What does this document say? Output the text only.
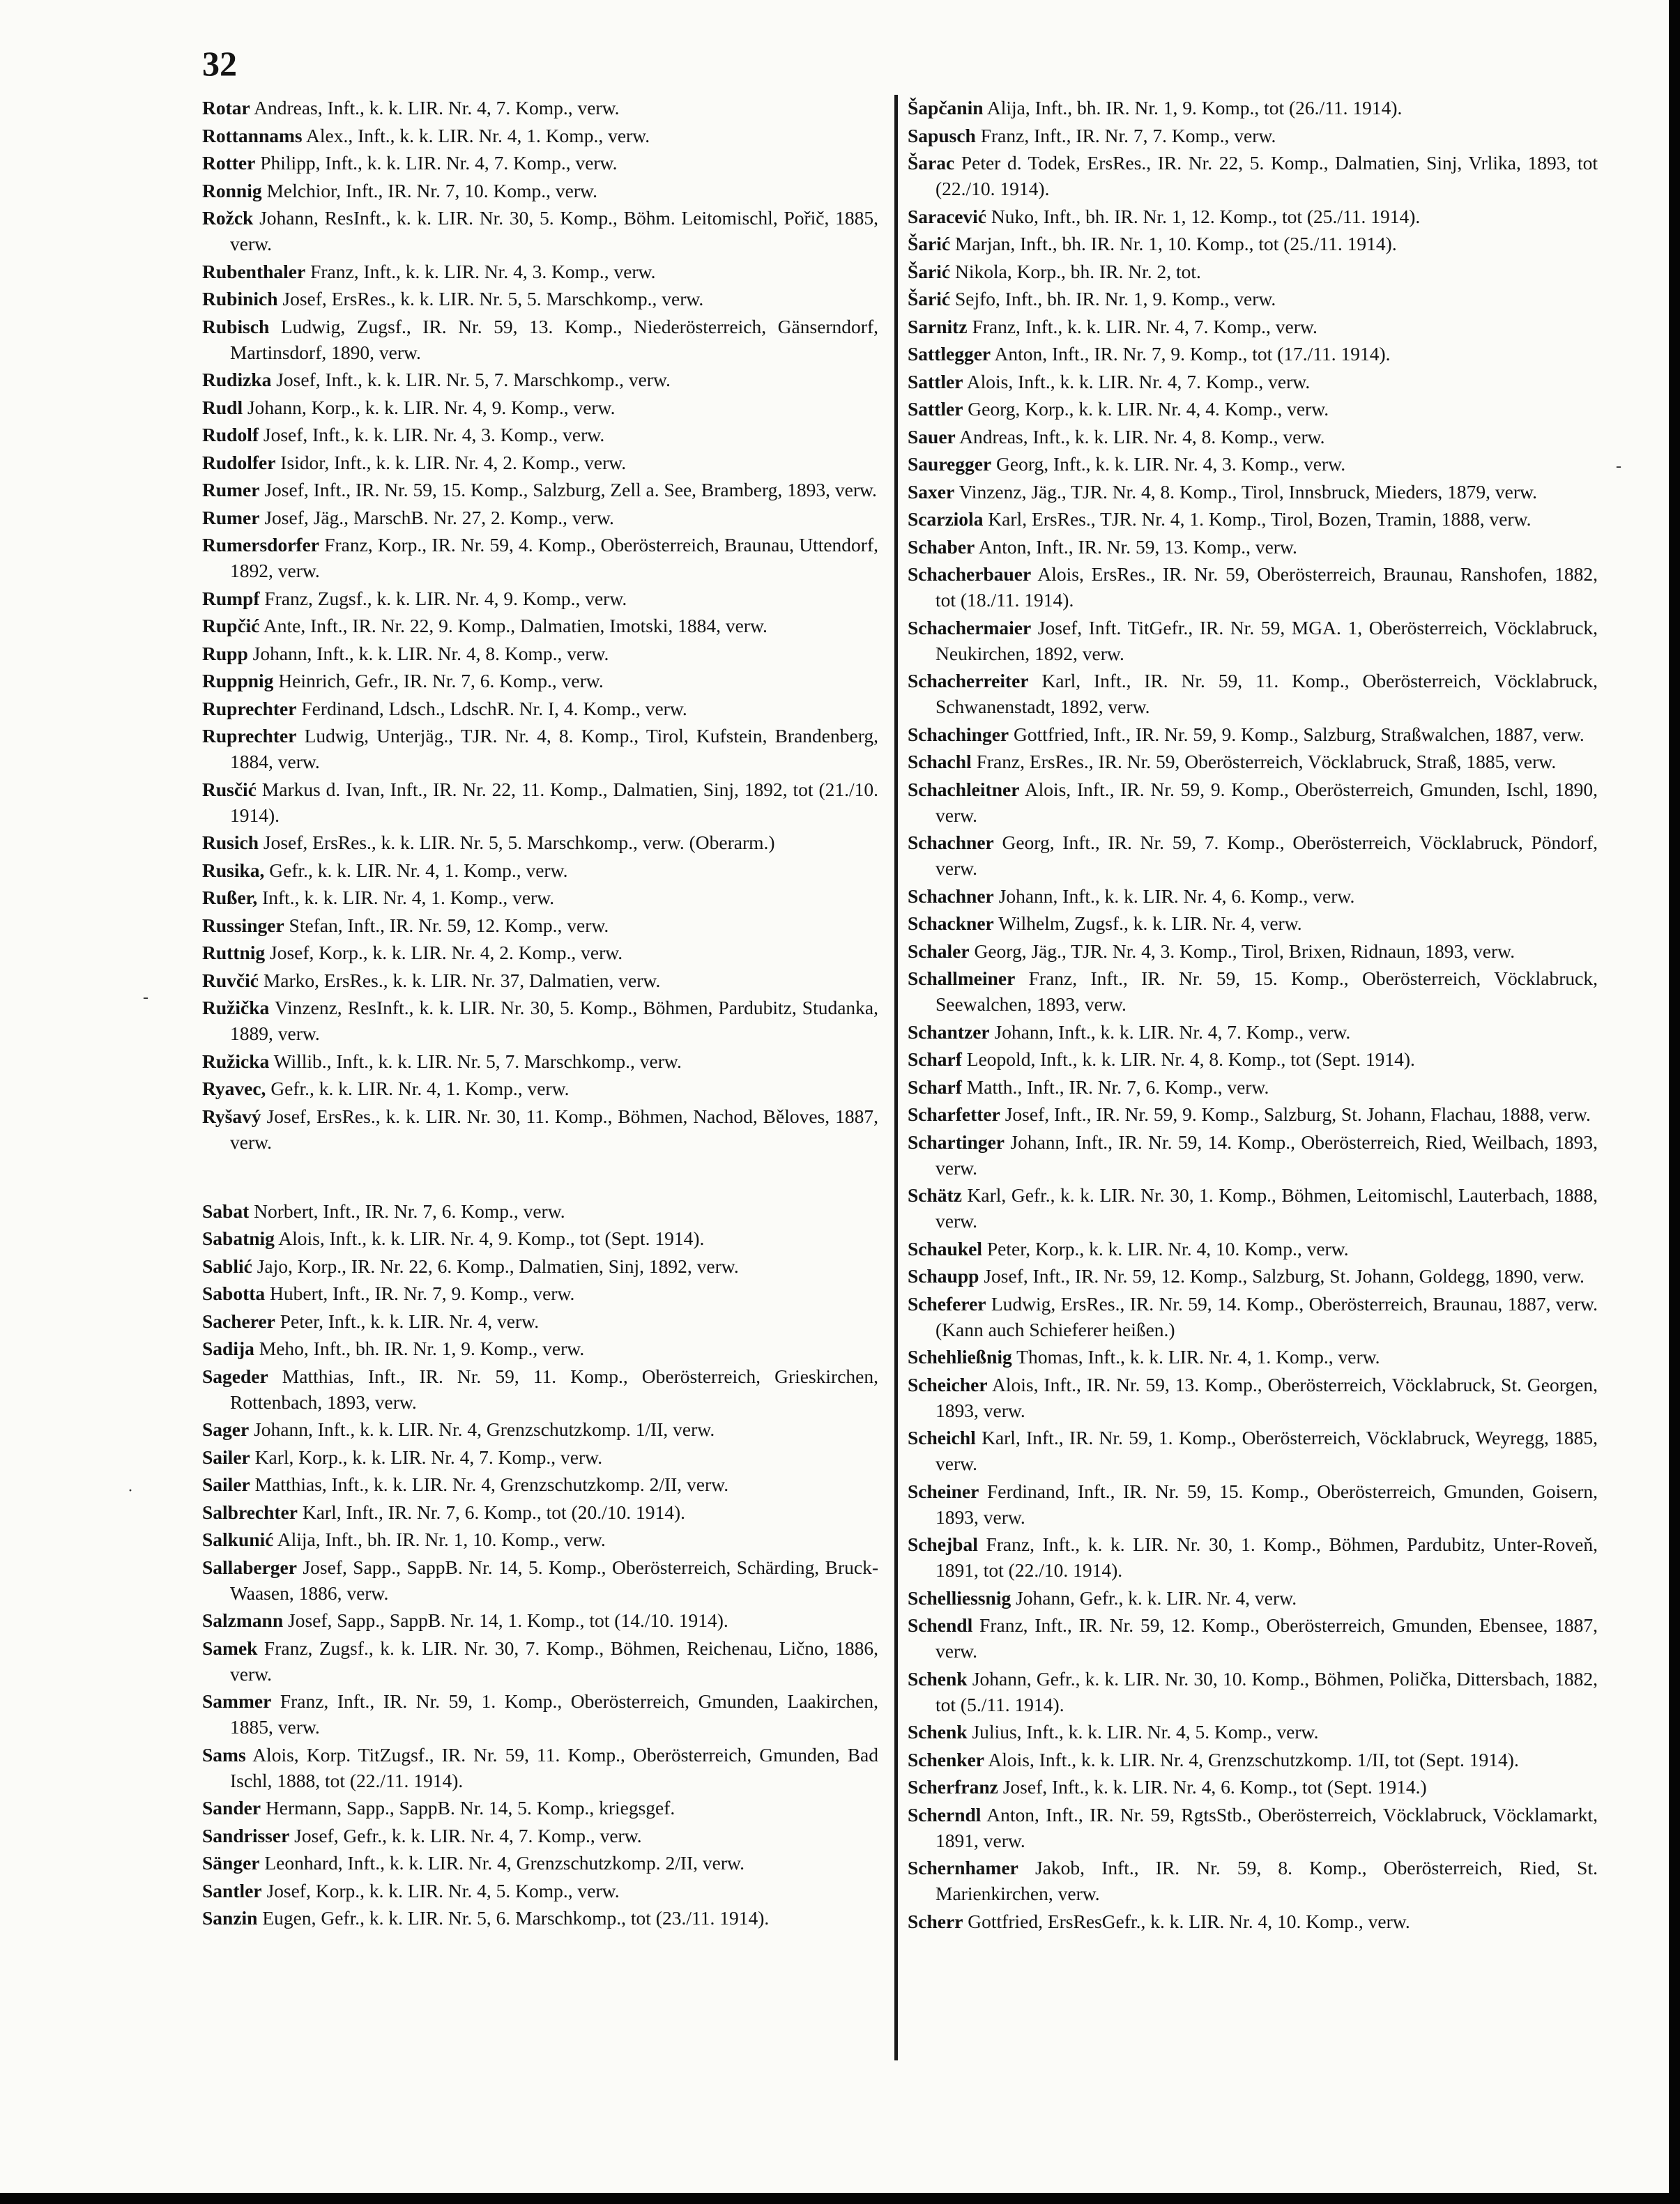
32
-
·
-
Rotar Andreas, Inft., k. k. LIR. Nr. 4, 7. Komp., verw.
Rottannams Alex., Inft., k. k. LIR. Nr. 4, 1. Komp., verw.
Rotter Philipp, Inft., k. k. LIR. Nr. 4, 7. Komp., verw.
Ronnig Melchior, Inft., IR. Nr. 7, 10. Komp., verw.
Rožck Johann, ResInft., k. k. LIR. Nr. 30, 5. Komp., Böhm. Leitomischl, Pořič, 1885, verw.
Rubenthaler Franz, Inft., k. k. LIR. Nr. 4, 3. Komp., verw.
Rubinich Josef, ErsRes., k. k. LIR. Nr. 5, 5. Marschkomp., verw.
Rubisch Ludwig, Zugsf., IR. Nr. 59, 13. Komp., Niederösterreich, Gänserndorf, Martinsdorf, 1890, verw.
Rudizka Josef, Inft., k. k. LIR. Nr. 5, 7. Marschkomp., verw.
Rudl Johann, Korp., k. k. LIR. Nr. 4, 9. Komp., verw.
Rudolf Josef, Inft., k. k. LIR. Nr. 4, 3. Komp., verw.
Rudolfer Isidor, Inft., k. k. LIR. Nr. 4, 2. Komp., verw.
Rumer Josef, Inft., IR. Nr. 59, 15. Komp., Salzburg, Zell a. See, Bramberg, 1893, verw.
Rumer Josef, Jäg., MarschB. Nr. 27, 2. Komp., verw.
Rumersdorfer Franz, Korp., IR. Nr. 59, 4. Komp., Oberösterreich, Braunau, Uttendorf, 1892, verw.
Rumpf Franz, Zugsf., k. k. LIR. Nr. 4, 9. Komp., verw.
Rupčić Ante, Inft., IR. Nr. 22, 9. Komp., Dalmatien, Imotski, 1884, verw.
Rupp Johann, Inft., k. k. LIR. Nr. 4, 8. Komp., verw.
Ruppnig Heinrich, Gefr., IR. Nr. 7, 6. Komp., verw.
Ruprechter Ferdinand, Ldsch., LdschR. Nr. I, 4. Komp., verw.
Ruprechter Ludwig, Unterjäg., TJR. Nr. 4, 8. Komp., Tirol, Kufstein, Brandenberg, 1884, verw.
Rusčić Markus d. Ivan, Inft., IR. Nr. 22, 11. Komp., Dalmatien, Sinj, 1892, tot (21./10. 1914).
Rusich Josef, ErsRes., k. k. LIR. Nr. 5, 5. Marschkomp., verw. (Oberarm.)
Rusika, Gefr., k. k. LIR. Nr. 4, 1. Komp., verw.
Rußer, Inft., k. k. LIR. Nr. 4, 1. Komp., verw.
Russinger Stefan, Inft., IR. Nr. 59, 12. Komp., verw.
Ruttnig Josef, Korp., k. k. LIR. Nr. 4, 2. Komp., verw.
Ruvčić Marko, ErsRes., k. k. LIR. Nr. 37, Dalmatien, verw.
Ružička Vinzenz, ResInft., k. k. LIR. Nr. 30, 5. Komp., Böhmen, Pardubitz, Studanka, 1889, verw.
Ružicka Willib., Inft., k. k. LIR. Nr. 5, 7. Marschkomp., verw.
Ryavec, Gefr., k. k. LIR. Nr. 4, 1. Komp., verw.
Ryšavý Josef, ErsRes., k. k. LIR. Nr. 30, 11. Komp., Böhmen, Nachod, Běloves, 1887, verw.
Sabat Norbert, Inft., IR. Nr. 7, 6. Komp., verw.
Sabatnig Alois, Inft., k. k. LIR. Nr. 4, 9. Komp., tot (Sept. 1914).
Sablić Jajo, Korp., IR. Nr. 22, 6. Komp., Dalmatien, Sinj, 1892, verw.
Sabotta Hubert, Inft., IR. Nr. 7, 9. Komp., verw.
Sacherer Peter, Inft., k. k. LIR. Nr. 4, verw.
Sadija Meho, Inft., bh. IR. Nr. 1, 9. Komp., verw.
Sageder Matthias, Inft., IR. Nr. 59, 11. Komp., Oberösterreich, Grieskirchen, Rottenbach, 1893, verw.
Sager Johann, Inft., k. k. LIR. Nr. 4, Grenzschutzkomp. 1/II, verw.
Sailer Karl, Korp., k. k. LIR. Nr. 4, 7. Komp., verw.
Sailer Matthias, Inft., k. k. LIR. Nr. 4, Grenzschutzkomp. 2/II, verw.
Salbrechter Karl, Inft., IR. Nr. 7, 6. Komp., tot (20./10. 1914).
Salkunić Alija, Inft., bh. IR. Nr. 1, 10. Komp., verw.
Sallaberger Josef, Sapp., SappB. Nr. 14, 5. Komp., Oberösterreich, Schärding, Bruck-Waasen, 1886, verw.
Salzmann Josef, Sapp., SappB. Nr. 14, 1. Komp., tot (14./10. 1914).
Samek Franz, Zugsf., k. k. LIR. Nr. 30, 7. Komp., Böhmen, Reichenau, Lično, 1886, verw.
Sammer Franz, Inft., IR. Nr. 59, 1. Komp., Oberösterreich, Gmunden, Laakirchen, 1885, verw.
Sams Alois, Korp. TitZugsf., IR. Nr. 59, 11. Komp., Oberösterreich, Gmunden, Bad Ischl, 1888, tot (22./11. 1914).
Sander Hermann, Sapp., SappB. Nr. 14, 5. Komp., kriegsgef.
Sandrisser Josef, Gefr., k. k. LIR. Nr. 4, 7. Komp., verw.
Sänger Leonhard, Inft., k. k. LIR. Nr. 4, Grenzschutzkomp. 2/II, verw.
Santler Josef, Korp., k. k. LIR. Nr. 4, 5. Komp., verw.
Sanzin Eugen, Gefr., k. k. LIR. Nr. 5, 6. Marschkomp., tot (23./11. 1914).
Šapčanin Alija, Inft., bh. IR. Nr. 1, 9. Komp., tot (26./11. 1914).
Sapusch Franz, Inft., IR. Nr. 7, 7. Komp., verw.
Šarac Peter d. Todek, ErsRes., IR. Nr. 22, 5. Komp., Dalmatien, Sinj, Vrlika, 1893, tot (22./10. 1914).
Saracević Nuko, Inft., bh. IR. Nr. 1, 12. Komp., tot (25./11. 1914).
Šarić Marjan, Inft., bh. IR. Nr. 1, 10. Komp., tot (25./11. 1914).
Šarić Nikola, Korp., bh. IR. Nr. 2, tot.
Šarić Sejfo, Inft., bh. IR. Nr. 1, 9. Komp., verw.
Sarnitz Franz, Inft., k. k. LIR. Nr. 4, 7. Komp., verw.
Sattlegger Anton, Inft., IR. Nr. 7, 9. Komp., tot (17./11. 1914).
Sattler Alois, Inft., k. k. LIR. Nr. 4, 7. Komp., verw.
Sattler Georg, Korp., k. k. LIR. Nr. 4, 4. Komp., verw.
Sauer Andreas, Inft., k. k. LIR. Nr. 4, 8. Komp., verw.
Sauregger Georg, Inft., k. k. LIR. Nr. 4, 3. Komp., verw.
Saxer Vinzenz, Jäg., TJR. Nr. 4, 8. Komp., Tirol, Innsbruck, Mieders, 1879, verw.
Scarziola Karl, ErsRes., TJR. Nr. 4, 1. Komp., Tirol, Bozen, Tramin, 1888, verw.
Schaber Anton, Inft., IR. Nr. 59, 13. Komp., verw.
Schacherbauer Alois, ErsRes., IR. Nr. 59, Oberösterreich, Braunau, Ranshofen, 1882, tot (18./11. 1914).
Schachermaier Josef, Inft. TitGefr., IR. Nr. 59, MGA. 1, Oberösterreich, Vöcklabruck, Neukirchen, 1892, verw.
Schacherreiter Karl, Inft., IR. Nr. 59, 11. Komp., Oberösterreich, Vöcklabruck, Schwanenstadt, 1892, verw.
Schachinger Gottfried, Inft., IR. Nr. 59, 9. Komp., Salzburg, Straßwalchen, 1887, verw.
Schachl Franz, ErsRes., IR. Nr. 59, Oberösterreich, Vöcklabruck, Straß, 1885, verw.
Schachleitner Alois, Inft., IR. Nr. 59, 9. Komp., Oberösterreich, Gmunden, Ischl, 1890, verw.
Schachner Georg, Inft., IR. Nr. 59, 7. Komp., Oberösterreich, Vöcklabruck, Pöndorf, verw.
Schachner Johann, Inft., k. k. LIR. Nr. 4, 6. Komp., verw.
Schackner Wilhelm, Zugsf., k. k. LIR. Nr. 4, verw.
Schaler Georg, Jäg., TJR. Nr. 4, 3. Komp., Tirol, Brixen, Ridnaun, 1893, verw.
Schallmeiner Franz, Inft., IR. Nr. 59, 15. Komp., Oberösterreich, Vöcklabruck, Seewalchen, 1893, verw.
Schantzer Johann, Inft., k. k. LIR. Nr. 4, 7. Komp., verw.
Scharf Leopold, Inft., k. k. LIR. Nr. 4, 8. Komp., tot (Sept. 1914).
Scharf Matth., Inft., IR. Nr. 7, 6. Komp., verw.
Scharfetter Josef, Inft., IR. Nr. 59, 9. Komp., Salzburg, St. Johann, Flachau, 1888, verw.
Schartinger Johann, Inft., IR. Nr. 59, 14. Komp., Oberösterreich, Ried, Weilbach, 1893, verw.
Schätz Karl, Gefr., k. k. LIR. Nr. 30, 1. Komp., Böhmen, Leitomischl, Lauterbach, 1888, verw.
Schaukel Peter, Korp., k. k. LIR. Nr. 4, 10. Komp., verw.
Schaupp Josef, Inft., IR. Nr. 59, 12. Komp., Salzburg, St. Johann, Goldegg, 1890, verw.
Scheferer Ludwig, ErsRes., IR. Nr. 59, 14. Komp., Oberösterreich, Braunau, 1887, verw. (Kann auch Schieferer heißen.)
Schehließnig Thomas, Inft., k. k. LIR. Nr. 4, 1. Komp., verw.
Scheicher Alois, Inft., IR. Nr. 59, 13. Komp., Oberösterreich, Vöcklabruck, St. Georgen, 1893, verw.
Scheichl Karl, Inft., IR. Nr. 59, 1. Komp., Oberösterreich, Vöcklabruck, Weyregg, 1885, verw.
Scheiner Ferdinand, Inft., IR. Nr. 59, 15. Komp., Oberösterreich, Gmunden, Goisern, 1893, verw.
Schejbal Franz, Inft., k. k. LIR. Nr. 30, 1. Komp., Böhmen, Pardubitz, Unter-Roveň, 1891, tot (22./10. 1914).
Schelliessnig Johann, Gefr., k. k. LIR. Nr. 4, verw.
Schendl Franz, Inft., IR. Nr. 59, 12. Komp., Oberösterreich, Gmunden, Ebensee, 1887, verw.
Schenk Johann, Gefr., k. k. LIR. Nr. 30, 10. Komp., Böhmen, Polička, Dittersbach, 1882, tot (5./11. 1914).
Schenk Julius, Inft., k. k. LIR. Nr. 4, 5. Komp., verw.
Schenker Alois, Inft., k. k. LIR. Nr. 4, Grenzschutzkomp. 1/II, tot (Sept. 1914).
Scherfranz Josef, Inft., k. k. LIR. Nr. 4, 6. Komp., tot (Sept. 1914.)
Scherndl Anton, Inft., IR. Nr. 59, RgtsStb., Oberösterreich, Vöcklabruck, Vöcklamarkt, 1891, verw.
Schernhamer Jakob, Inft., IR. Nr. 59, 8. Komp., Oberösterreich, Ried, St. Marienkirchen, verw.
Scherr Gottfried, ErsResGefr., k. k. LIR. Nr. 4, 10. Komp., verw.
